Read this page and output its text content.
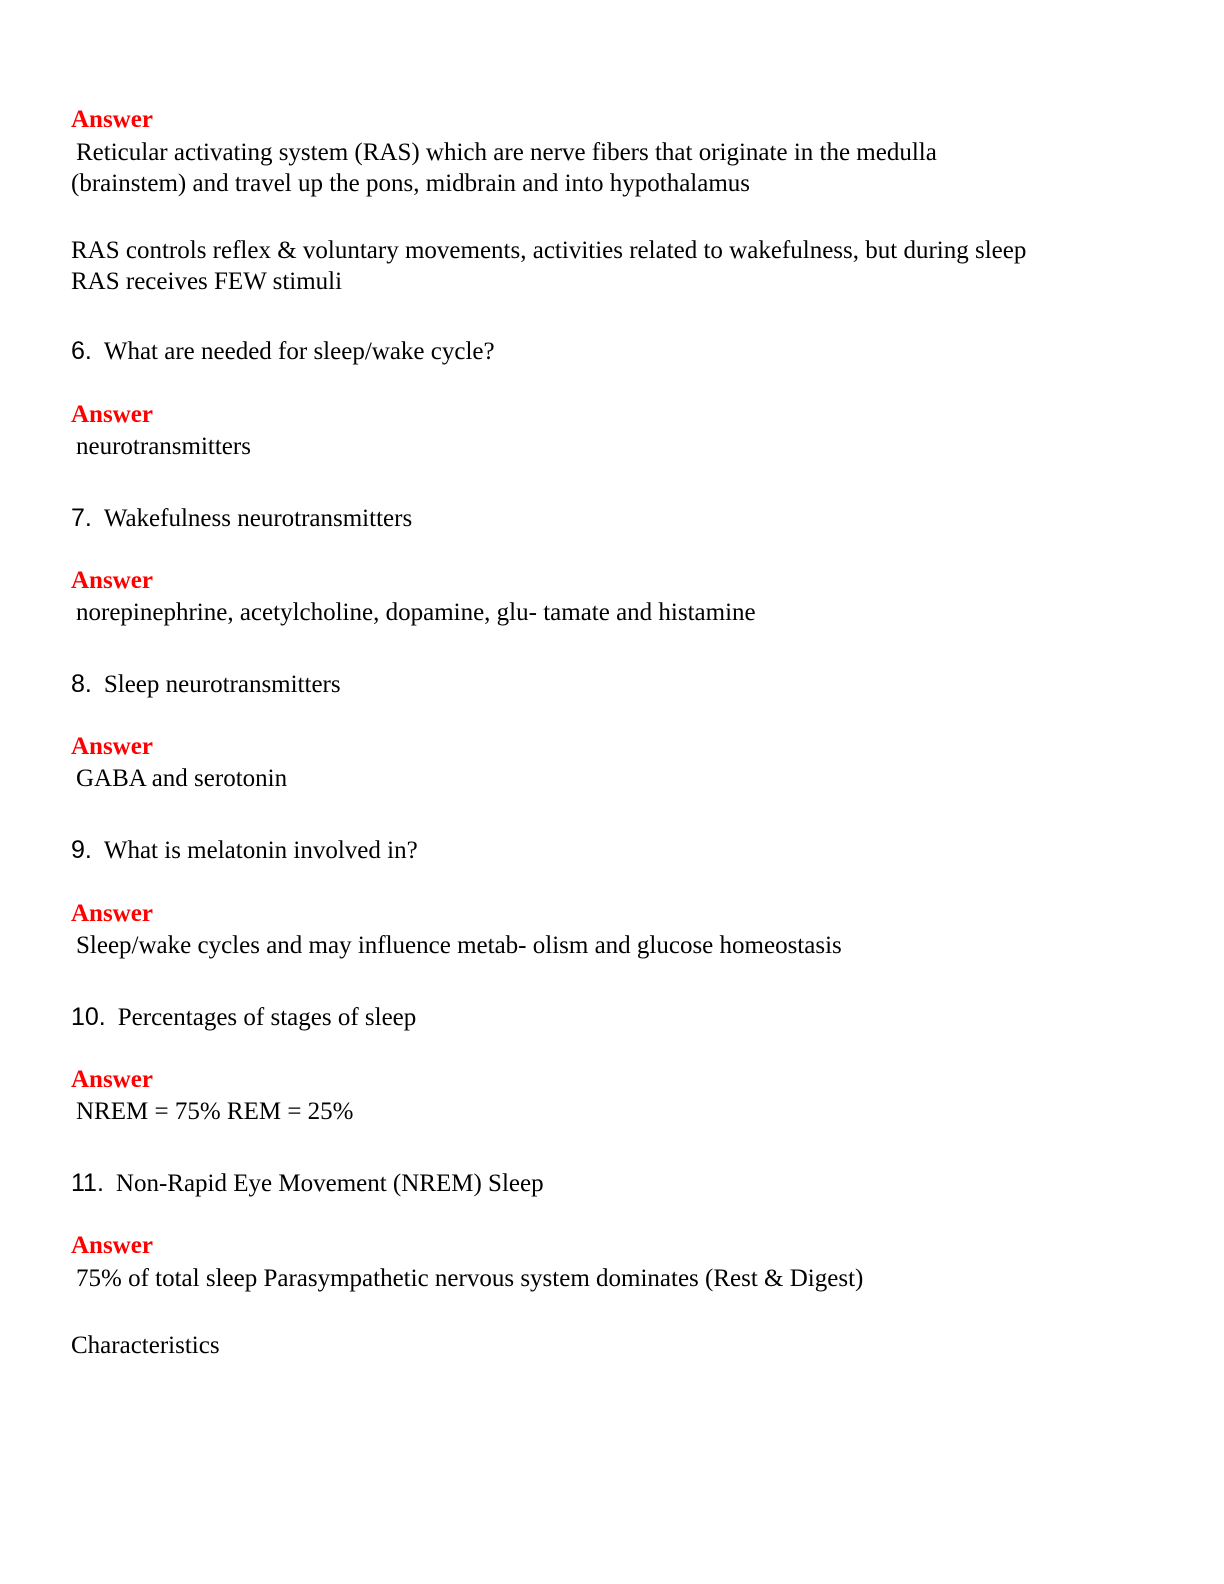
Answer
Reticular activating system (RAS) which are nerve fibers that originate in the medulla
(brainstem) and travel up the pons, midbrain and into hypothalamus
RAS controls reflex & voluntary movements, activities related to wakefulness, but during sleep
RAS receives FEW stimuli
6. What are needed for sleep/wake cycle?
Answer
neurotransmitters
7. Wakefulness neurotransmitters
Answer
norepinephrine, acetylcholine, dopamine, glu- tamate and histamine
8. Sleep neurotransmitters
Answer
GABA and serotonin
9. What is melatonin involved in?
Answer
Sleep/wake cycles and may influence metab- olism and glucose homeostasis
10. Percentages of stages of sleep
Answer
NREM = 75% REM = 25%
11. Non-Rapid Eye Movement (NREM) Sleep
Answer
75% of total sleep Parasympathetic nervous system dominates (Rest & Digest)
Characteristics
